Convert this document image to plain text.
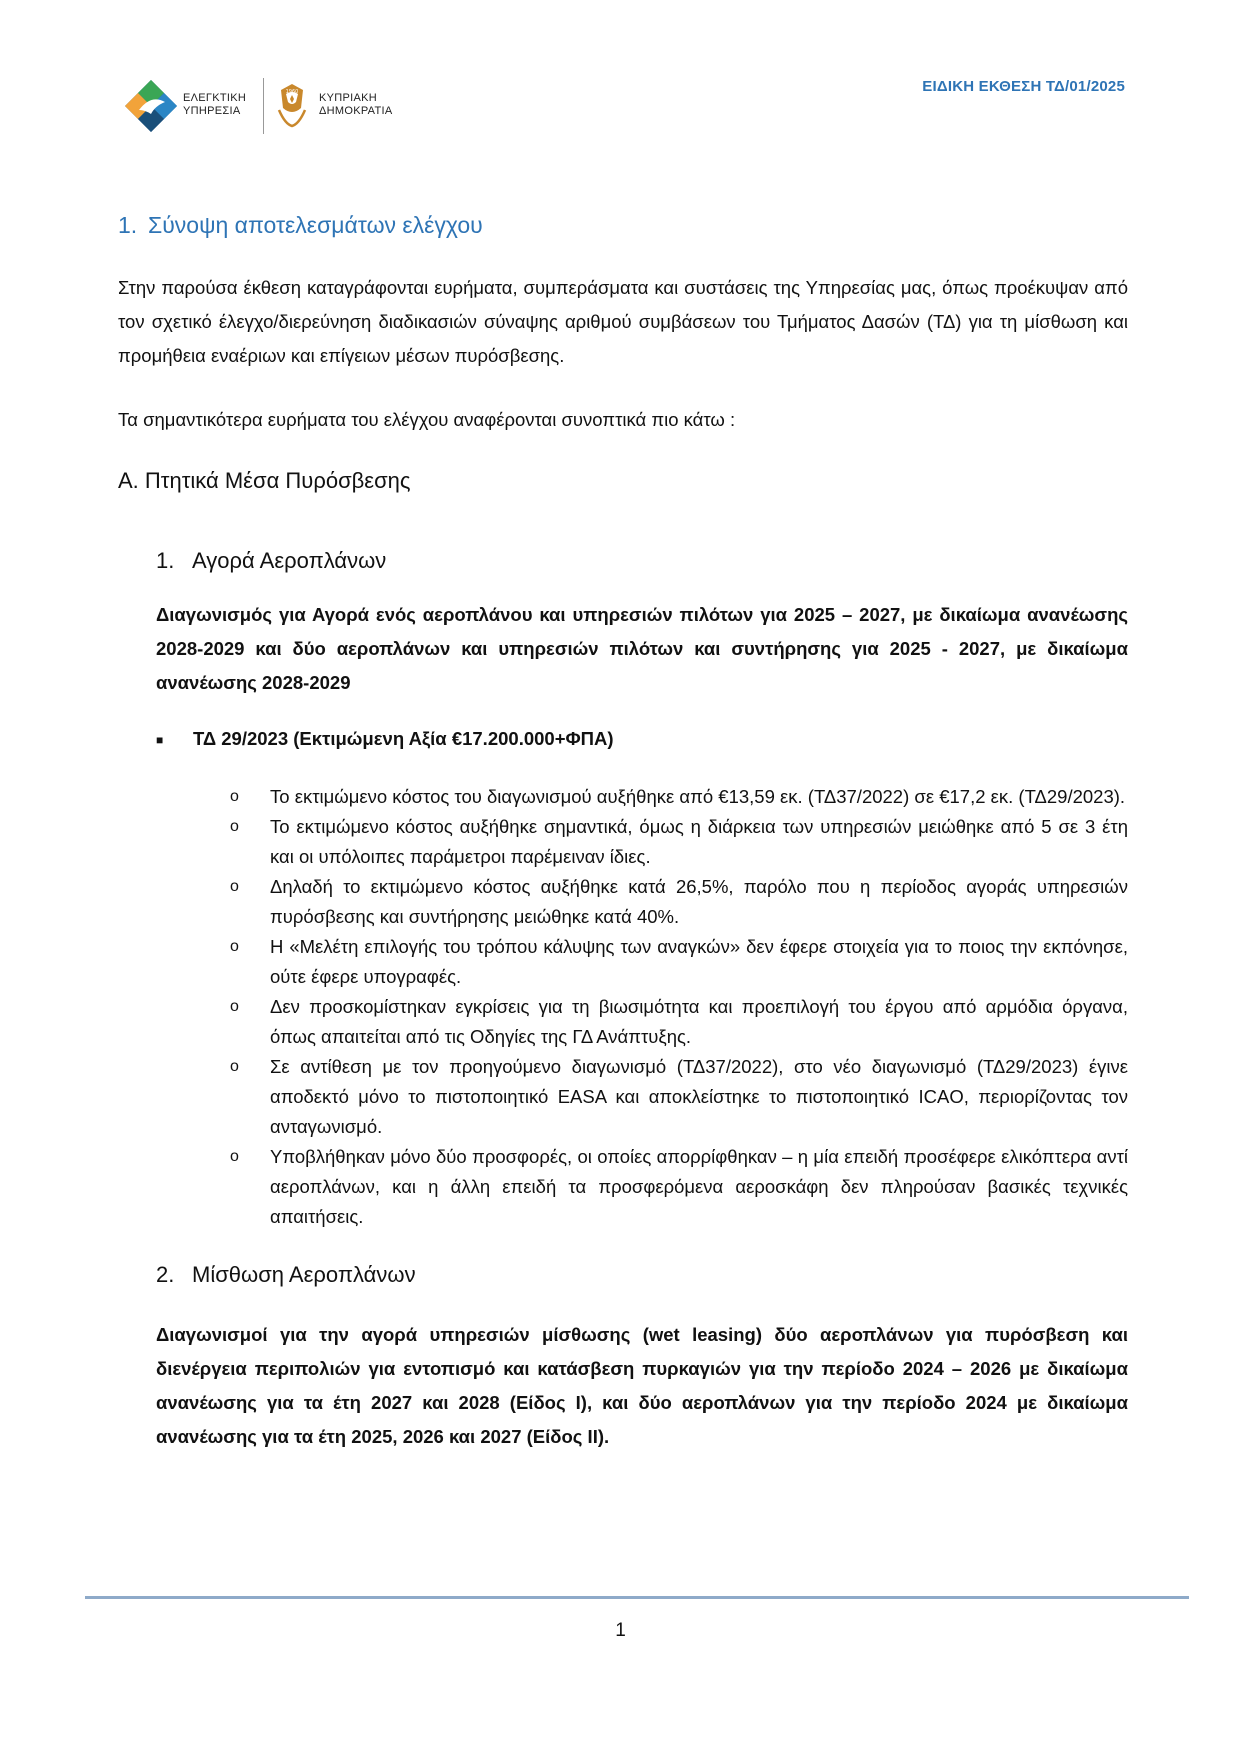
ΕΛΕΓΚΤΙΚΗ
ΥΠΗΡΕΣΙΑ
1960 ΚΥΠΡΙΑΚΗ
ΔΗΜΟΚΡΑΤΙΑ
ΕΙΔΙΚΗ ΕΚΘΕΣΗ ΤΔ/01/2025
1. Σύνοψη αποτελεσμάτων ελέγχου

Στην παρούσα έκθεση καταγράφονται ευρήματα, συμπεράσματα και συστάσεις της Υπηρεσίας μας, όπως προέκυψαν από τον σχετικό έλεγχο/διερεύνηση διαδικασιών σύναψης αριθμού συμβάσεων του Τμήματος Δασών (ΤΔ) για τη μίσθωση και προμήθεια εναέριων και επίγειων μέσων πυρόσβεσης.

Τα σημαντικότερα ευρήματα του ελέγχου αναφέρονται συνοπτικά πιο κάτω :

Α. Πτητικά Μέσα Πυρόσβεσης
1. Αγορά Αεροπλάνων

Διαγωνισμός για Αγορά ενός αεροπλάνου και υπηρεσιών πιλότων για 2025 – 2027, με δικαίωμα ανανέωσης 2028-2029 και δύο αεροπλάνων και υπηρεσιών πιλότων και συντήρησης για 2025 - 2027, με δικαίωμα ανανέωσης 2028-2029

■	ΤΔ 29/2023 (Εκτιμώμενη Αξία €17.200.000+ΦΠΑ)
o	Το εκτιμώμενο κόστος του διαγωνισμού αυξήθηκε από €13,59 εκ. (ΤΔ37/2022) σε €17,2 εκ. (ΤΔ29/2023).
o	Το εκτιμώμενο κόστος αυξήθηκε σημαντικά, όμως η διάρκεια των υπηρεσιών μειώθηκε από 5 σε 3 έτη και οι υπόλοιπες παράμετροι παρέμειναν ίδιες.
o	Δηλαδή το εκτιμώμενο κόστος αυξήθηκε κατά 26,5%, παρόλο που η περίοδος αγοράς υπηρεσιών πυρόσβεσης και συντήρησης μειώθηκε κατά 40%.
o	Η «Μελέτη επιλογής του τρόπου κάλυψης των αναγκών» δεν έφερε στοιχεία για το ποιος την εκπόνησε, ούτε έφερε υπογραφές.
o	Δεν προσκομίστηκαν εγκρίσεις για τη βιωσιμότητα και προεπιλογή του έργου από αρμόδια όργανα, όπως απαιτείται από τις Οδηγίες της ΓΔ Ανάπτυξης.
o	Σε αντίθεση με τον προηγούμενο διαγωνισμό (ΤΔ37/2022), στο νέο διαγωνισμό (ΤΔ29/2023) έγινε αποδεκτό μόνο το πιστοποιητικό EASA και αποκλείστηκε το πιστοποιητικό ICAO, περιορίζοντας τον ανταγωνισμό.
o	Υποβλήθηκαν μόνο δύο προσφορές, οι οποίες απορρίφθηκαν – η μία επειδή προσέφερε ελικόπτερα αντί αεροπλάνων, και η άλλη επειδή τα προσφερόμενα αεροσκάφη δεν πληρούσαν βασικές τεχνικές απαιτήσεις.
2. Μίσθωση Αεροπλάνων

Διαγωνισμοί για την αγορά υπηρεσιών μίσθωσης (wet leasing) δύο αεροπλάνων για πυρόσβεση και διενέργεια περιπολιών για εντοπισμό και κατάσβεση πυρκαγιών για την περίοδο 2024 – 2026 με δικαίωμα ανανέωσης για τα έτη 2027 και 2028 (Είδος Ι), και δύο αεροπλάνων για την περίοδο 2024 με δικαίωμα ανανέωσης για τα έτη 2025, 2026 και 2027 (Είδος ΙΙ).

1
